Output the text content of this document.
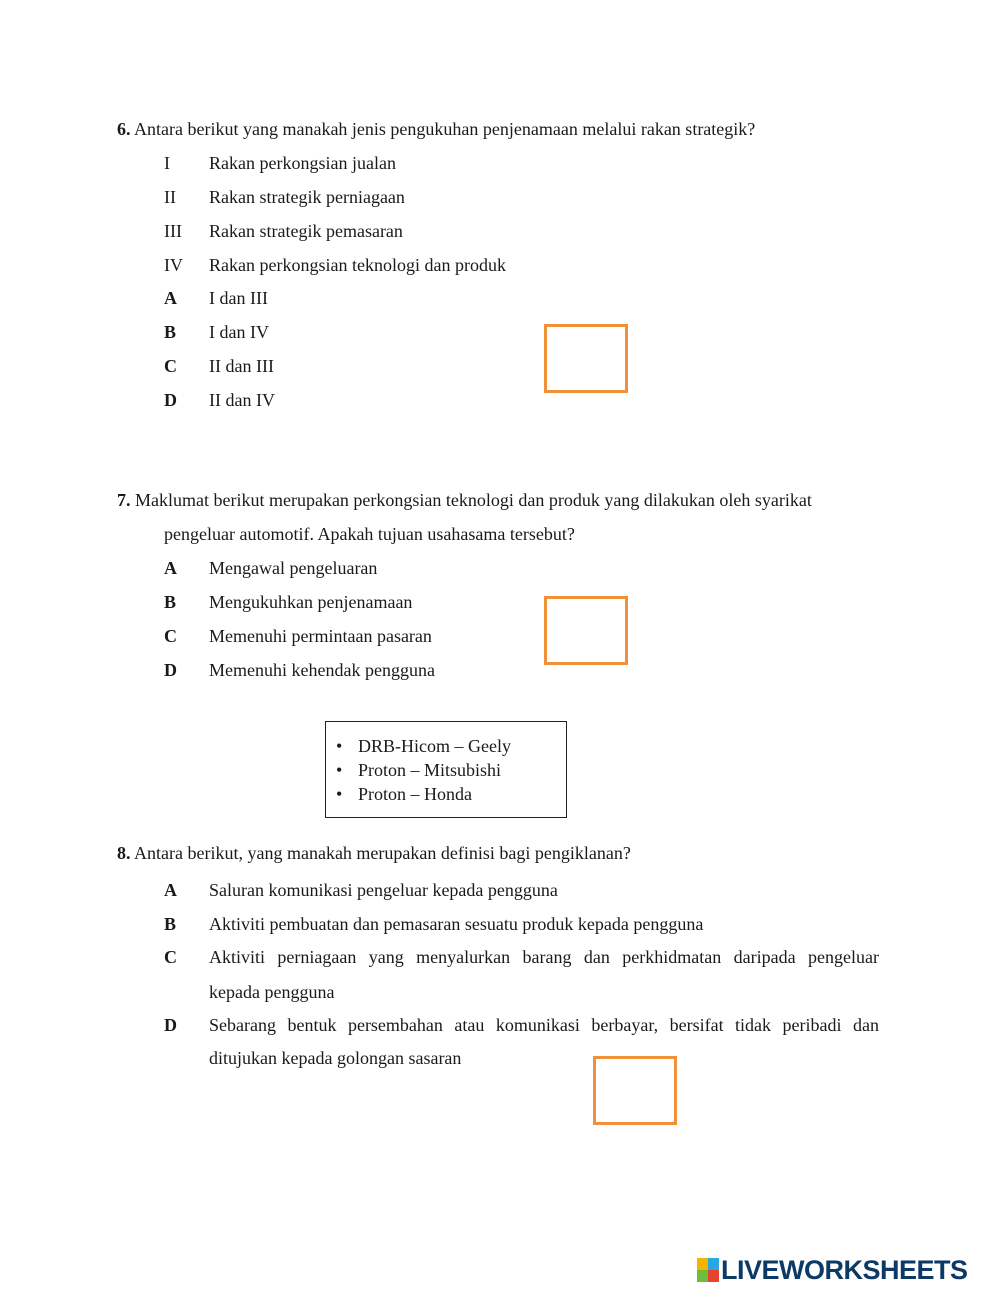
6. Antara berikut yang manakah jenis pengukuhan penjenamaan melalui rakan strategik?
I Rakan perkongsian jualan
II Rakan strategik perniagaan
III Rakan strategik pemasaran
IV Rakan perkongsian teknologi dan produk
A I dan III
B I dan IV
C II dan III
D II dan IV
7. Maklumat berikut merupakan perkongsian teknologi dan produk yang dilakukan oleh syarikat
pengeluar automotif. Apakah tujuan usahasama tersebut?
A Mengawal pengeluaran
B Mengukuhkan penjenamaan
C Memenuhi permintaan pasaran
D Memenuhi kehendak pengguna
• DRB-Hicom – Geely
• Proton – Mitsubishi
• Proton – Honda
8. Antara berikut, yang manakah merupakan definisi bagi pengiklanan?
A Saluran komunikasi pengeluar kepada pengguna
B Aktiviti pembuatan dan pemasaran sesuatu produk kepada pengguna
C Aktiviti perniagaan yang menyalurkan barang dan perkhidmatan daripada pengeluar
kepada pengguna
D Sebarang bentuk persembahan atau komunikasi berbayar, bersifat tidak peribadi dan
ditujukan kepada golongan sasaran
LIVEWORKSHEETS
